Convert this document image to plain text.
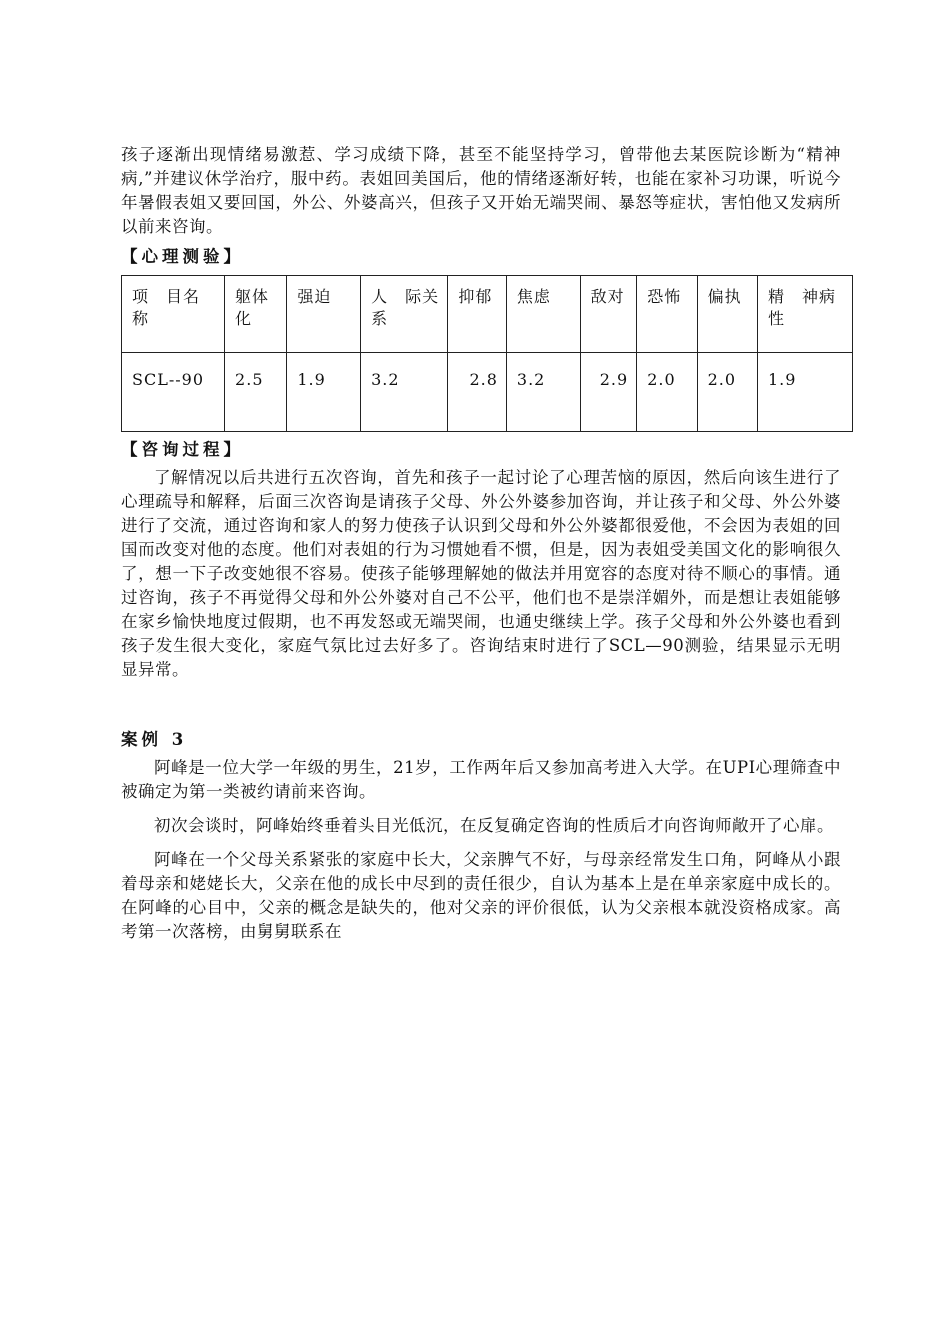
孩子逐渐出现情绪易激惹、学习成绩下降，甚至不能坚持学习，曾带他去某医院诊断为“精神病,”并建议休学治疗，服中药。表姐回美国后，他的情绪逐渐好转，也能在家补习功课，听说今年暑假表姐又要回国，外公、外婆高兴，但孩子又开始无端哭闹、暴怒等症状，害怕他又发病所以前来咨询。

【心理测验】
项　目名称	躯体化	强迫	人　际关系	抑郁	焦虑	敌对	恐怖	偏执	精　神病性
SCL--90	2.5	1.9	3.2	2.8	3.2	2.9	2.0	2.0	1.9
【咨询过程】

了解情况以后共进行五次咨询，首先和孩子一起讨论了心理苦恼的原因，然后向该生进行了心理疏导和解释，后面三次咨询是请孩子父母、外公外婆参加咨询，并让孩子和父母、外公外婆进行了交流，通过咨询和家人的努力使孩子认识到父母和外公外婆都很爱他，不会因为表姐的回国而改变对他的态度。他们对表姐的行为习惯她看不惯，但是，因为表姐受美国文化的影响很久了，想一下子改变她很不容易。使孩子能够理解她的做法并用宽容的态度对待不顺心的事情。通过咨询，孩子不再觉得父母和外公外婆对自己不公平，他们也不是崇洋媚外，而是想让表姐能够在家乡愉快地度过假期，也不再发怒或无端哭闹，也通史继续上学。孩子父母和外公外婆也看到孩子发生很大变化，家庭气氛比过去好多了。咨询结束时进行了SCL—90测验，结果显示无明显异常。

案例 3

阿峰是一位大学一年级的男生，21岁，工作两年后又参加高考进入大学。在UPI心理筛查中被确定为第一类被约请前来咨询。

初次会谈时，阿峰始终垂着头目光低沉，在反复确定咨询的性质后才向咨询师敞开了心扉。

阿峰在一个父母关系紧张的家庭中长大，父亲脾气不好，与母亲经常发生口角，阿峰从小跟着母亲和姥姥长大，父亲在他的成长中尽到的责任很少，自认为基本上是在单亲家庭中成长的。在阿峰的心目中，父亲的概念是缺失的，他对父亲的评价很低，认为父亲根本就没资格成家。高考第一次落榜，由舅舅联系在
